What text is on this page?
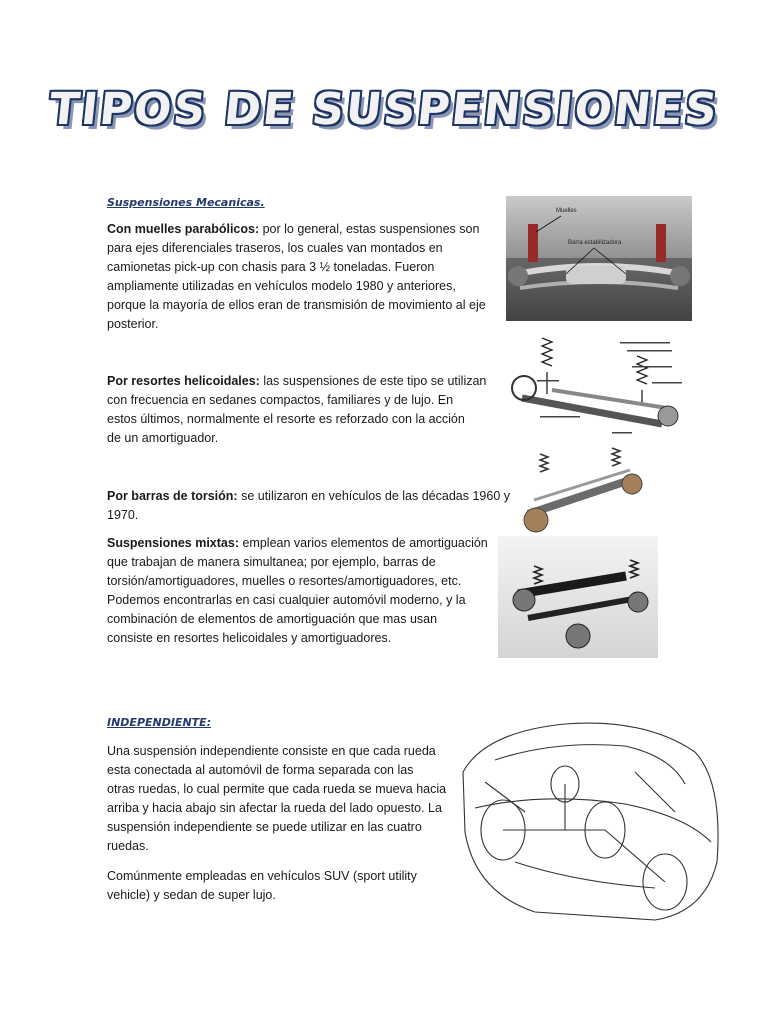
TIPOS DE SUSPENSIONES
Suspensiones Mecanicas.
Con muelles parabólicos: por lo general, estas suspensiones son
para ejes diferenciales traseros, los cuales van montados en
camionetas pick-up con chasis para 3 ½ toneladas. Fueron
ampliamente utilizadas en vehículos modelo 1980 y anteriores,
porque la mayoría de ellos eran de transmisión de movimiento al eje
posterior.
Por resortes helicoidales: las suspensiones de este tipo se utilizan
con frecuencia en sedanes compactos, familiares y de lujo. En
estos últimos, normalmente el resorte es reforzado con la acción
de un amortiguador.
Por barras de torsión: se utilizaron en vehículos de las décadas 1960 y
1970.
Suspensiones mixtas: emplean varios elementos de amortiguación
que trabajan de manera simultanea; por ejemplo, barras de
torsión/amortiguadores, muelles o resortes/amortiguadores, etc.
Podemos encontrarlas en casi cualquier automóvil moderno, y la
combinación de elementos de amortiguación que mas usan
consiste en resortes helicoidales y amortiguadores.
INDEPENDIENTE:
Una suspensión independiente consiste en que cada rueda
esta conectada al automóvil de forma separada con las
otras ruedas, lo cual permite que cada rueda se mueva hacia
arriba y hacia abajo sin afectar la rueda del lado opuesto. La
suspensión independiente se puede utilizar en las cuatro
ruedas.
Comúnmente empleadas en vehículos SUV (sport utility
vehicle) y sedan de super lujo.
Muelles
Barra estabilizadora
